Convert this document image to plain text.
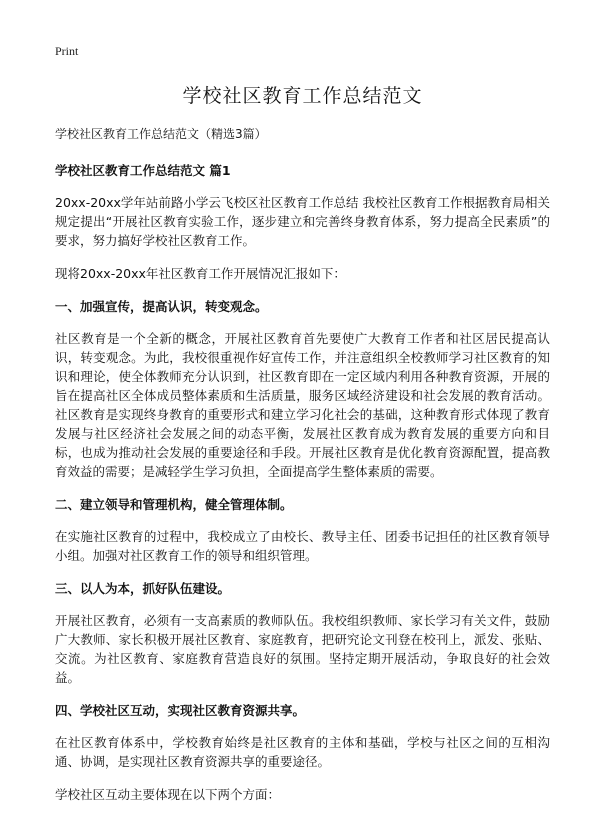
Print
学校社区教育工作总结范文
学校社区教育工作总结范文（精选3篇）
学校社区教育工作总结范文 篇1

20xx-20xx学年站前路小学云飞校区社区教育工作总结 我校社区教育工作根据教育局相关规定提出“开展社区教育实验工作，逐步建立和完善终身教育体系，努力提高全民素质”的要求，努力搞好学校社区教育工作。

现将20xx-20xx年社区教育工作开展情况汇报如下：

一、加强宣传，提高认识，转变观念。

社区教育是一个全新的概念，开展社区教育首先要使广大教育工作者和社区居民提高认识，转变观念。为此，我校很重视作好宣传工作，并注意组织全校教师学习社区教育的知识和理论，使全体教师充分认识到，社区教育即在一定区域内利用各种教育资源，开展的旨在提高社区全体成员整体素质和生活质量，服务区域经济建设和社会发展的教育活动。社区教育是实现终身教育的重要形式和建立学习化社会的基础，这种教育形式体现了教育发展与社区经济社会发展之间的动态平衡，发展社区教育成为教育发展的重要方向和目标，也成为推动社会发展的重要途径和手段。开展社区教育是优化教育资源配置，提高教育效益的需要；是减轻学生学习负担，全面提高学生整体素质的需要。

二、建立领导和管理机构，健全管理体制。

在实施社区教育的过程中，我校成立了由校长、教导主任、团委书记担任的社区教育领导小组。加强对社区教育工作的领导和组织管理。

三、以人为本，抓好队伍建设。

开展社区教育，必须有一支高素质的教师队伍。我校组织教师、家长学习有关文件，鼓励广大教师、家长积极开展社区教育、家庭教育，把研究论文刊登在校刊上，派发、张贴、交流。为社区教育、家庭教育营造良好的氛围。坚持定期开展活动，争取良好的社会效益。

四、学校社区互动，实现社区教育资源共享。

在社区教育体系中，学校教育始终是社区教育的主体和基础，学校与社区之间的互相沟通、协调，是实现社区教育资源共享的重要途径。

学校社区互动主要体现在以下两个方面：
